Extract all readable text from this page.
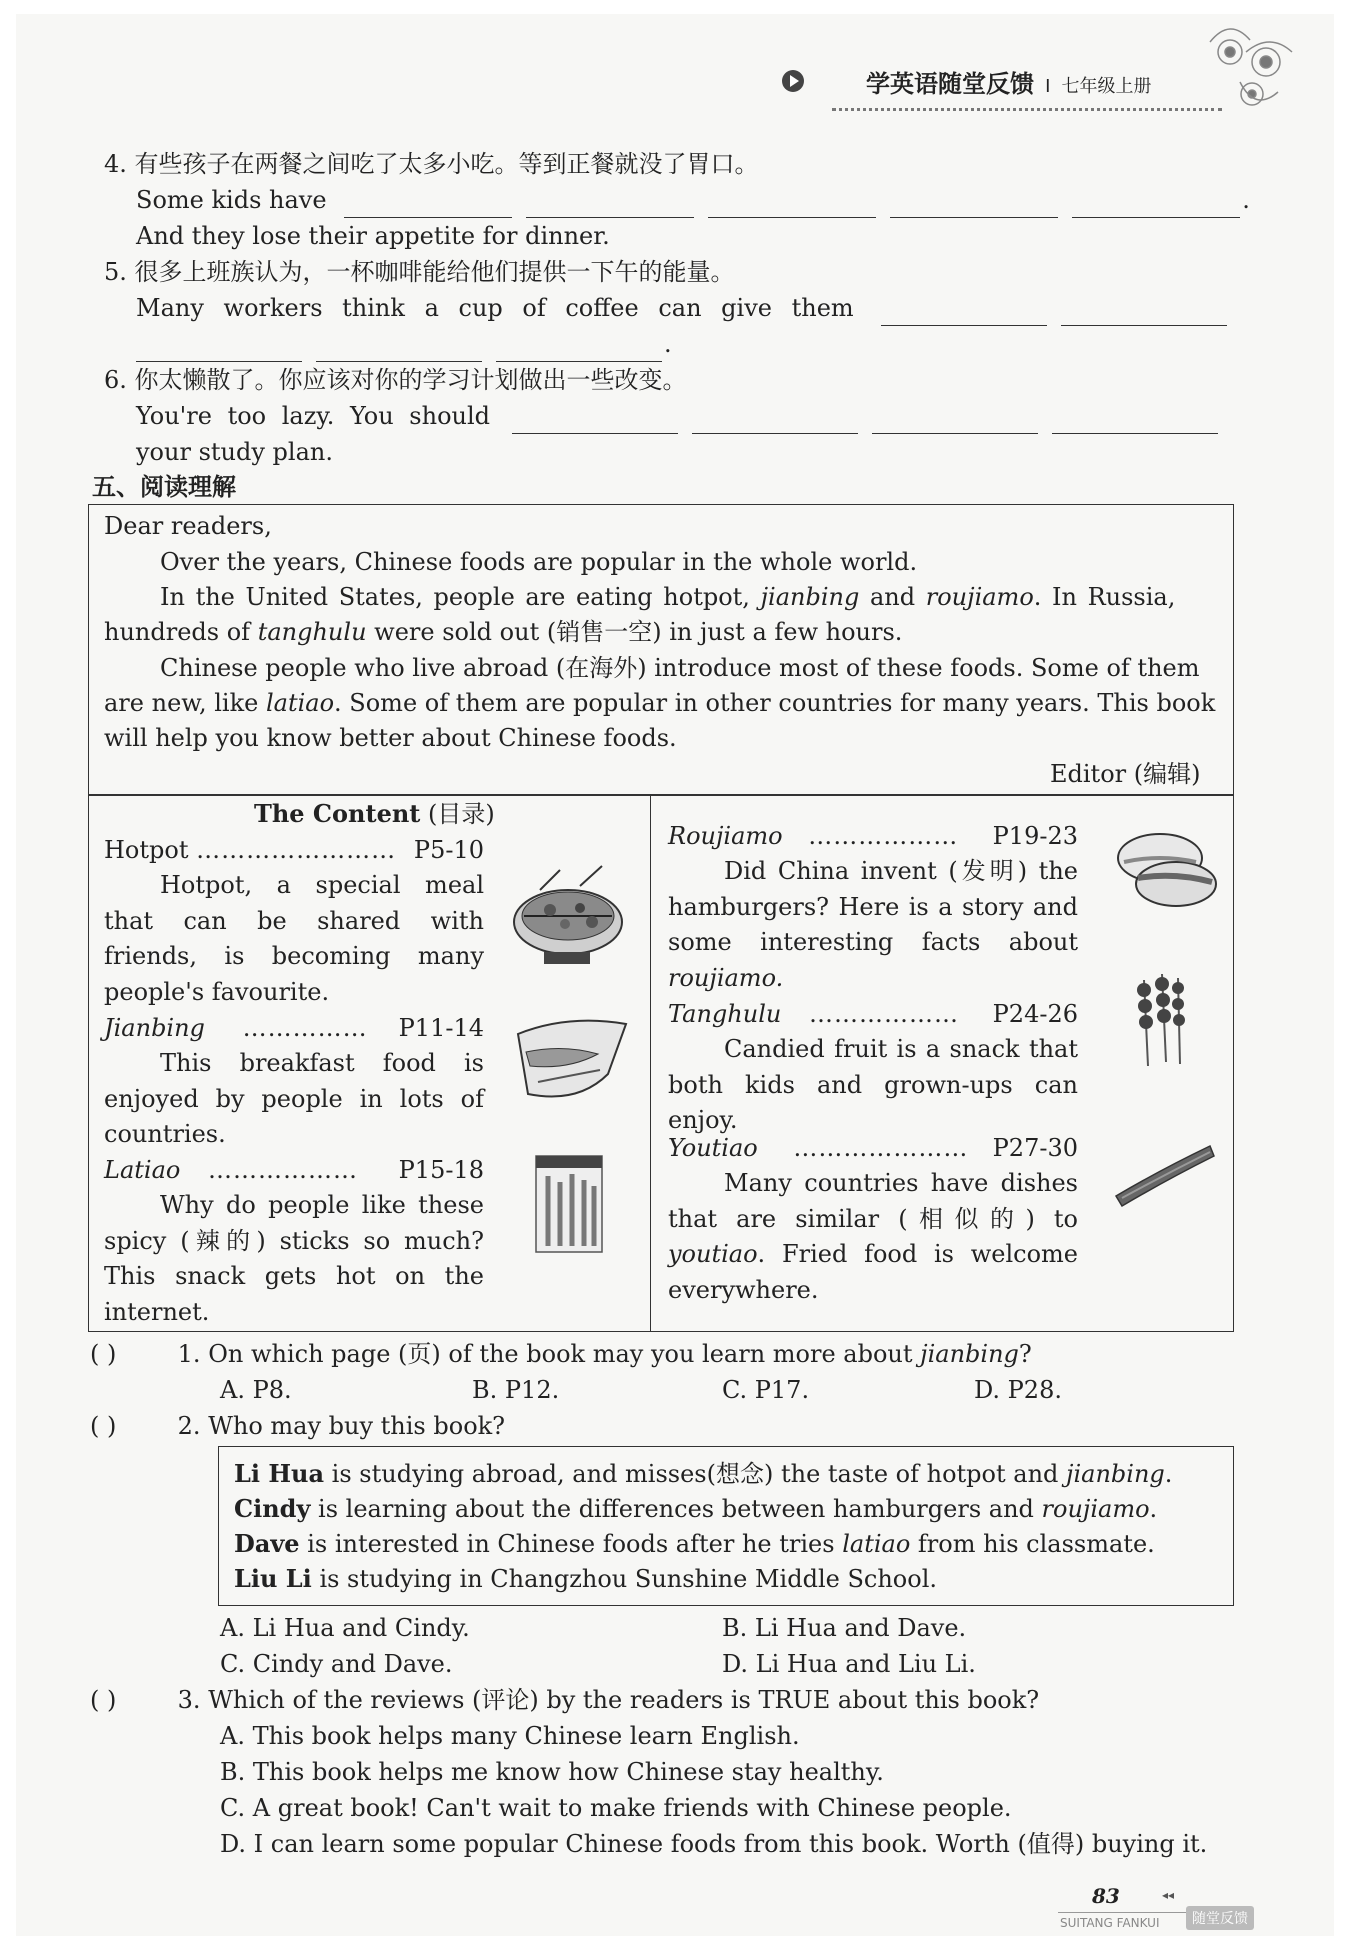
学英语随堂反馈 I 七年级上册
4. 有些孩子在两餐之间吃了太多小吃。等到正餐就没了胃口。
Some kids have	.
And they lose their appetite for dinner.
5. 很多上班族认为，一杯咖啡能给他们提供一下午的能量。
Many workers think a cup of coffee can give them
.
6. 你太懒散了。你应该对你的学习计划做出一些改变。
You're too lazy. You should
your study plan.
五、阅读理解
Dear readers,
Over the years, Chinese foods are popular in the whole world.
In the United States, people are eating hotpot, jianbing and roujiamo. In Russia,
hundreds of tanghulu were sold out (销售一空) in just a few hours.
Chinese people who live abroad (在海外) introduce most of these foods. Some of them
are new, like latiao. Some of them are popular in other countries for many years. This book
will help you know better about Chinese foods.
Editor (编辑)
The Content (目录)
Hotpot …………………… P5-10
Hotpot, a special meal
that can be shared with
friends, is becoming many
people's favourite.
Jianbing …………… P11-14
This breakfast food is
enjoyed by people in lots of
countries.
Latiao ……………… P15-18
Why do people like these
spicy (辣的) sticks so much?
This snack gets hot on the
internet.
Roujiamo ……………… P19-23
Did China invent (发明) the
hamburgers? Here is a story and
some interesting facts about
roujiamo.
Tanghulu ……………… P24-26
Candied fruit is a snack that
both kids and grown-ups can
enjoy.
Youtiao ………………… P27-30
Many countries have dishes
that are similar (相似的) to
youtiao. Fried food is welcome
everywhere.
( )	1. On which page (页) of the book may you learn more about jianbing?
A. P8.	B. P12.	C. P17.	D. P28.
( )	2. Who may buy this book?
Li Hua is studying abroad, and misses(想念) the taste of hotpot and jianbing.
Cindy is learning about the differences between hamburgers and roujiamo.
Dave is interested in Chinese foods after he tries latiao from his classmate.
Liu Li is studying in Changzhou Sunshine Middle School.
A. Li Hua and Cindy.	B. Li Hua and Dave.
C. Cindy and Dave.	D. Li Hua and Liu Li.
( )	3. Which of the reviews (评论) by the readers is TRUE about this book?
A. This book helps many Chinese learn English.
B. This book helps me know how Chinese stay healthy.
C. A great book! Can't wait to make friends with Chinese people.
D. I can learn some popular Chinese foods from this book. Worth (值得) buying it.
83	◂◂
SUITANG FANKUI	随堂反馈
